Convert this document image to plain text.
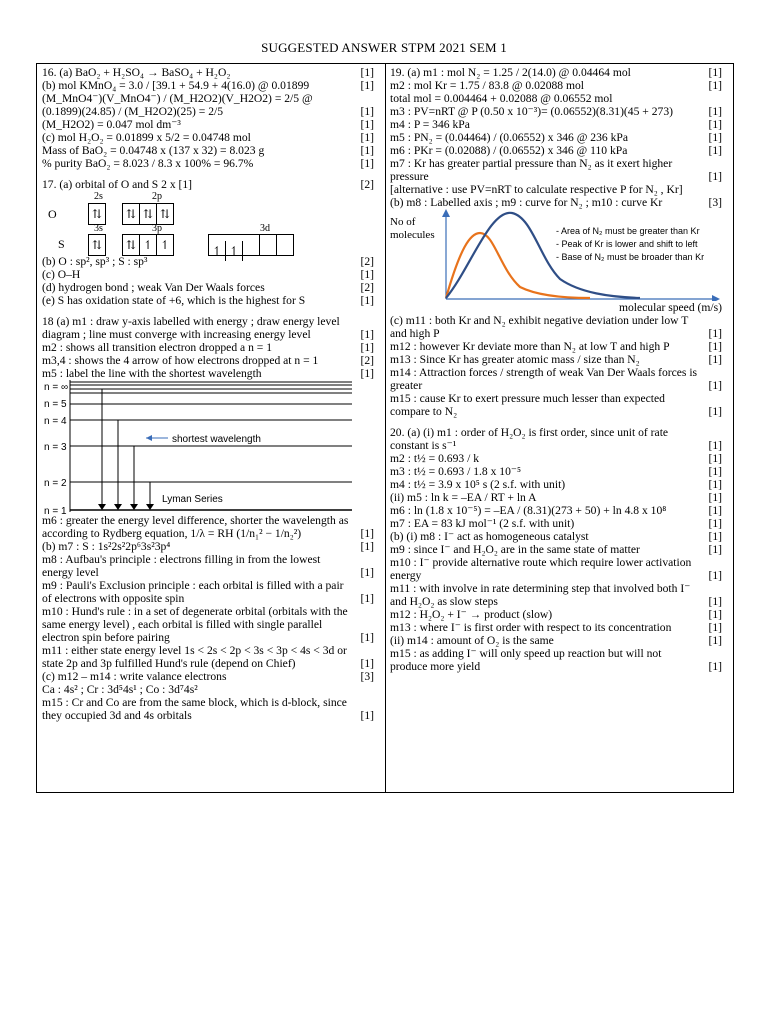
SUGGESTED ANSWER STPM 2021 SEM 1
16. (a) BaO₂ + H₂SO₄ → BaSO₄ + H₂O₂	[1]
(b) mol KMnO₄ = 3.0 / [39.1 + 54.9 + 4(16.0) @ 0.01899	[1]
(M_MnO4⁻)(V_MnO4⁻) / (M_H2O2)(V_H2O2) = 2/5 @ (0.1899)(24.85) / (M_H2O2)(25) = 2/5	[1]
(M_H2O2) = 0.047 mol dm⁻³	[1]
(c) mol H₂O₂ = 0.01899 x 5/2 = 0.04748 mol	[1]
Mass of BaO₂ = 0.04748 x (137 x 32) = 8.023 g	[1]
% purity BaO₂ = 8.023 / 8.3 x 100% = 96.7%	[1]
17. (a) orbital of O and S 2 x [1]	[2]
2s	2p
O	⇅	⇅ ⇅ ⇅
3s	3p	3d
S	⇅	⇅ ↿ ↿	↿ ↿
(b) O : sp², sp³ ; S : sp³	[2]
(c) O–H	[1]
(d) hydrogen bond ; weak Van Der Waals forces	[2]
(e) S has oxidation state of +6, which is the highest for S	[1]
18 (a) m1 : draw y-axis labelled with energy ; draw energy level diagram ; line must converge with increasing energy level	[1]
m2 : shows all transition electron dropped a n = 1	[1]
m3,4 : shows the 4 arrow of how electrons dropped at n = 1	[2]
m5 : label the line with the shortest wavelength	[1]
n = ∞
n = 5
n = 4
n = 3
n = 2
n = 1
shortest wavelength
Lyman Series
m6 : greater the energy level difference, shorter the wavelength as according to Rydberg equation, 1/λ = RH (1/n₁² − 1/n₂²)	[1]
(b) m7 : S : 1s²2s²2p⁶3s²3p⁴	[1]
m8 : Aufbau's principle : electrons filling in from the lowest energy level	[1]
m9 : Pauli's Exclusion principle : each orbital is filled with a pair of electrons with opposite spin	[1]
m10 : Hund's rule : in a set of degenerate orbital (orbitals with the same energy level) , each orbital is filled with single parallel electron spin before pairing	[1]
m11 : either state energy level 1s < 2s < 2p < 3s < 3p < 4s < 3d or state 2p and 3p fulfilled Hund's rule (depend on Chief)	[1]
(c) m12 – m14 : write valance electrons	[3]
Ca : 4s² ; Cr : 3d⁵4s¹ ; Co : 3d⁷4s²
m15 : Cr and Co are from the same block, which is d-block, since they occupied 3d and 4s orbitals	[1]
19. (a) m1 : mol N₂ = 1.25 / 2(14.0) @ 0.04464 mol	[1]
m2 : mol Kr = 1.75 / 83.8 @ 0.02088 mol	[1]
total mol = 0.004464 + 0.02088 @ 0.06552 mol
m3 : PV=nRT @ P (0.50 x 10⁻³)= (0.06552)(8.31)(45 + 273)	[1]
m4 : P = 346 kPa	[1]
m5 : PN₂ = (0.04464) / (0.06552) x 346 @ 236 kPa	[1]
m6 : PKr = (0.02088) / (0.06552) x 346 @ 110 kPa	[1]
m7 : Kr has greater partial pressure than N₂ as it exert higher pressure	[1]
[alternative : use PV=nRT to calculate respective P for N₂ , Kr]
(b) m8 : Labelled axis ; m9 : curve for N₂ ; m10 : curve Kr	[3]
No of
molecules	- Area of N₂ must be greater than Kr
- Peak of Kr is lower and shift to left
- Base of N₂ must be broader than Kr
molecular speed (m/s)
(c) m11 : both Kr and N₂ exhibit negative deviation under low T and high P	[1]
m12 : however Kr deviate more than N₂ at low T and high P	[1]
m13 : Since Kr has greater atomic mass / size than N₂	[1]
m14 : Attraction forces / strength of weak Van Der Waals forces is greater	[1]
m15 : cause Kr to exert pressure much lesser than expected compare to N₂	[1]
20. (a) (i) m1 : order of H₂O₂ is first order, since unit of rate constant is s⁻¹	[1]
m2 : t½ = 0.693 / k	[1]
m3 : t½ = 0.693 / 1.8 x 10⁻⁵	[1]
m4 : t½ = 3.9 x 10⁵ s (2 s.f. with unit)	[1]
(ii) m5 : ln k = –EA / RT + ln A	[1]
m6 : ln (1.8 x 10⁻⁵) = –EA / (8.31)(273 + 50) + ln 4.8 x 10⁸	[1]
m7 : EA = 83 kJ mol⁻¹ (2 s.f. with unit)	[1]
(b) (i) m8 : I⁻ act as homogeneous catalyst	[1]
m9 : since I⁻ and H₂O₂ are in the same state of matter	[1]
m10 : I⁻ provide alternative route which require lower activation energy	[1]
m11 : with involve in rate determining step that involved both I⁻ and H₂O₂ as slow steps	[1]
m12 : H₂O₂ + I⁻ → product (slow)	[1]
m13 : where I⁻ is first order with respect to its concentration	[1]
(ii) m14 : amount of O₂ is the same	[1]
m15 : as adding I⁻ will only speed up reaction but will not produce more yield	[1]
